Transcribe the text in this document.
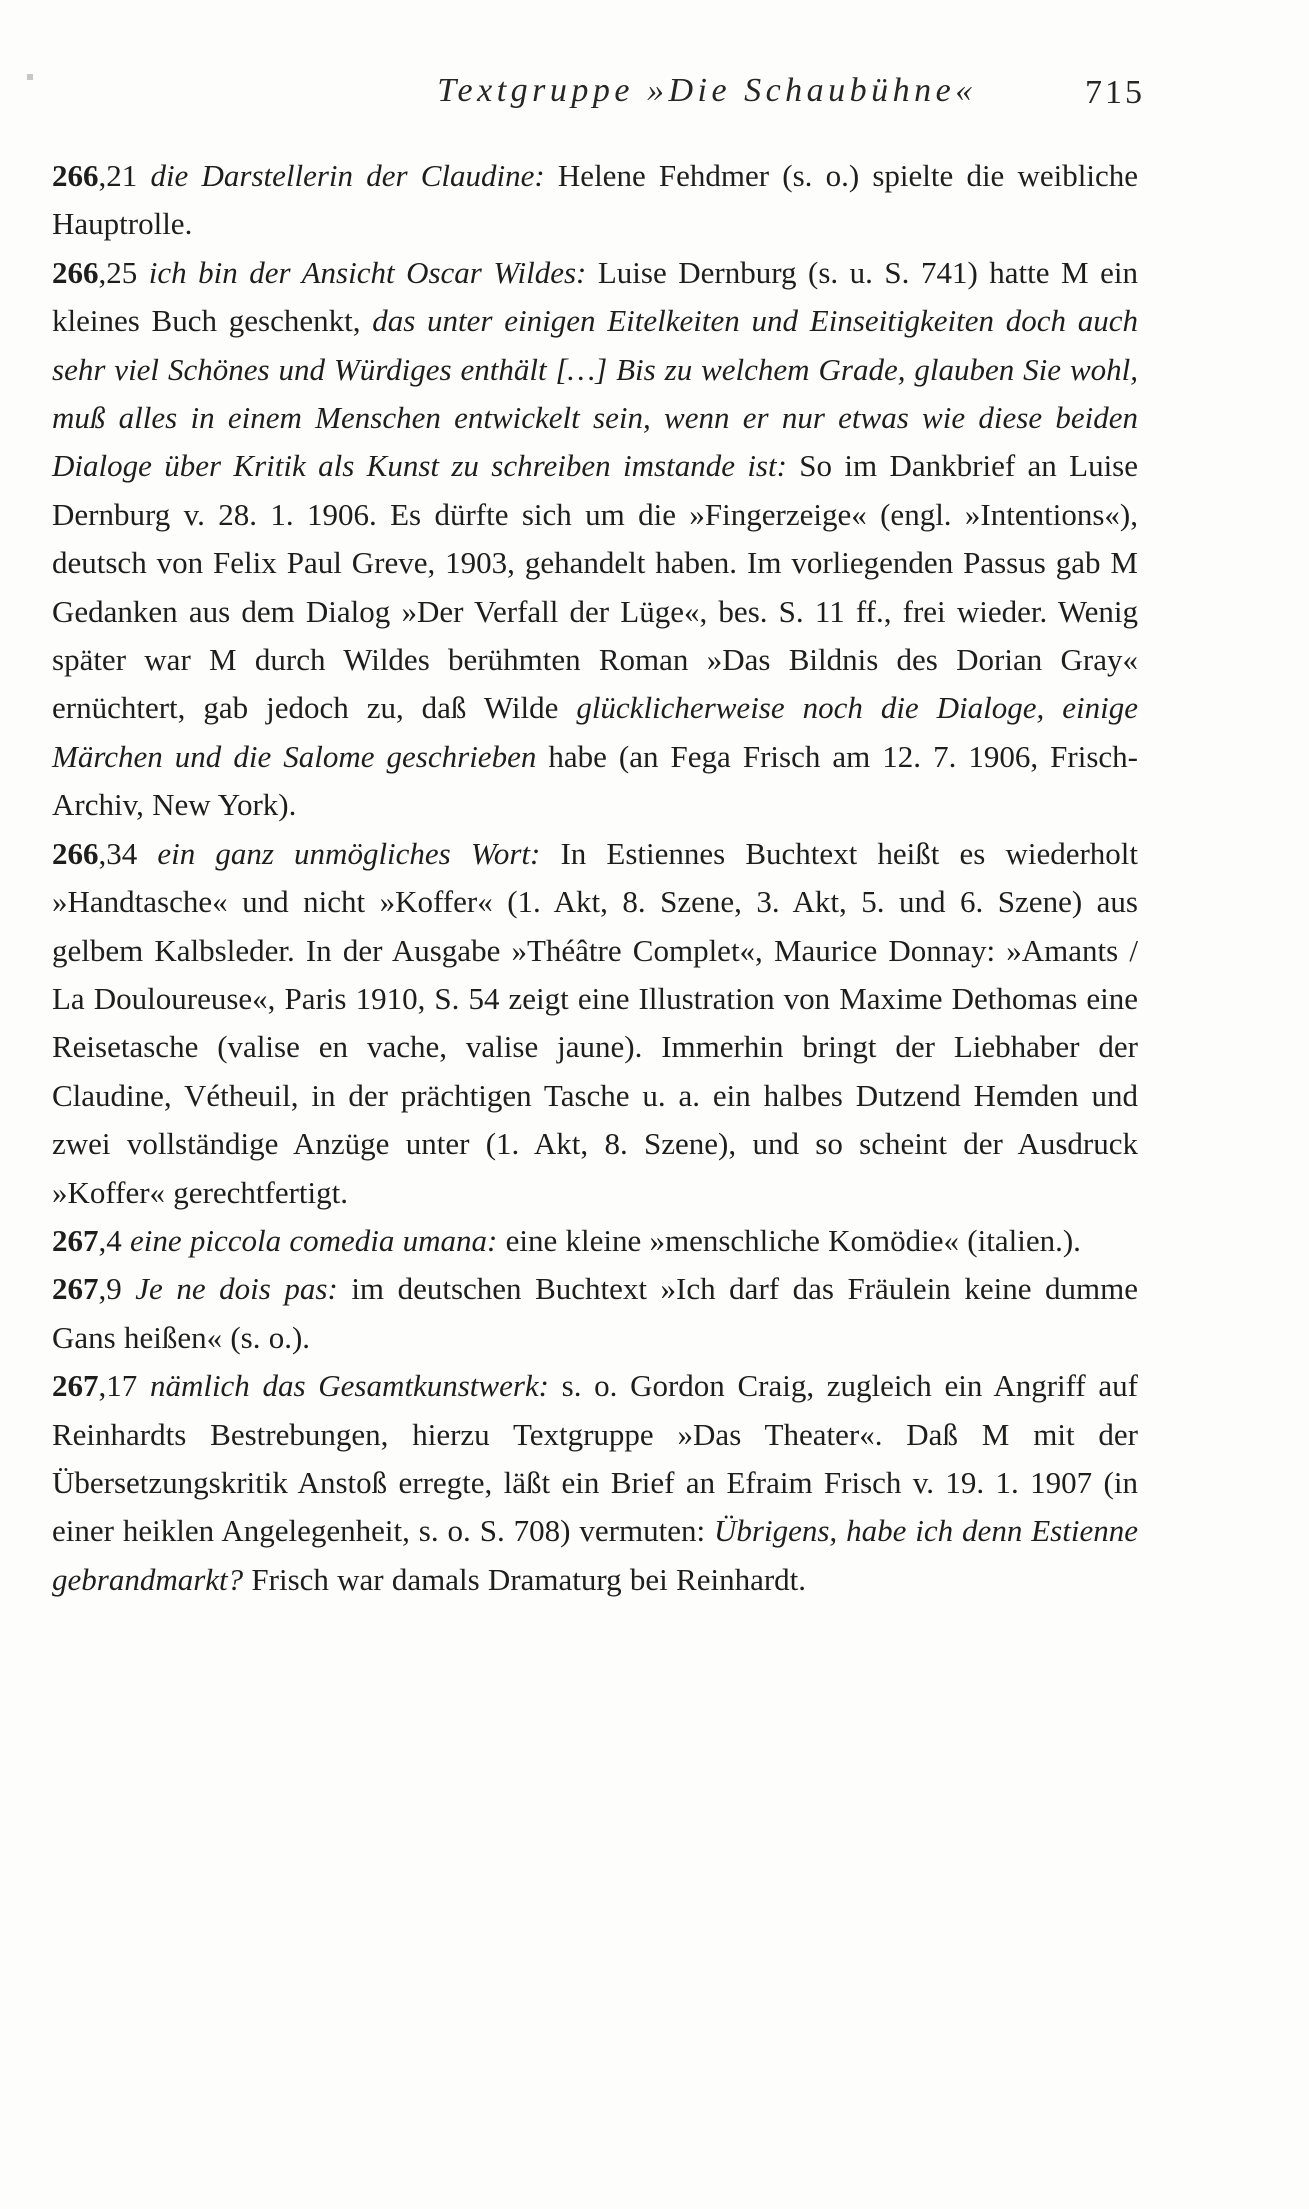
Textgruppe »Die Schaubühne«	715

266,21 die Darstellerin der Claudine: Helene Fehdmer (s. o.) spielte die weibliche Hauptrolle.

266,25 ich bin der Ansicht Oscar Wildes: Luise Dernburg (s. u. S. 741) hatte M ein kleines Buch geschenkt, das unter einigen Eitelkeiten und Einseitigkeiten doch auch sehr viel Schönes und Würdiges enthält […] Bis zu welchem Grade, glauben Sie wohl, muß alles in einem Menschen entwickelt sein, wenn er nur etwas wie diese beiden Dialoge über Kritik als Kunst zu schreiben imstande ist: So im Dankbrief an Luise Dernburg v. 28. 1. 1906. Es dürfte sich um die »Fingerzeige« (engl. »Intentions«), deutsch von Felix Paul Greve, 1903, gehandelt haben. Im vorliegenden Passus gab M Gedanken aus dem Dialog »Der Verfall der Lüge«, bes. S. 11 ff., frei wieder. Wenig später war M durch Wildes berühmten Roman »Das Bildnis des Dorian Gray« ernüchtert, gab jedoch zu, daß Wilde glücklicherweise noch die Dialoge, einige Märchen und die Salome geschrieben habe (an Fega Frisch am 12. 7. 1906, Frisch-Archiv, New York).

266,34 ein ganz unmögliches Wort: In Estiennes Buchtext heißt es wiederholt »Handtasche« und nicht »Koffer« (1. Akt, 8. Szene, 3. Akt, 5. und 6. Szene) aus gelbem Kalbsleder. In der Ausgabe »Théâtre Complet«, Maurice Donnay: »Amants / La Douloureuse«, Paris 1910, S. 54 zeigt eine Illustration von Maxime Dethomas eine Reisetasche (valise en vache, valise jaune). Immerhin bringt der Liebhaber der Claudine, Vétheuil, in der prächtigen Tasche u. a. ein halbes Dutzend Hemden und zwei vollständige Anzüge unter (1. Akt, 8. Szene), und so scheint der Ausdruck »Koffer« gerechtfertigt.

267,4 eine piccola comedia umana: eine kleine »menschliche Komödie« (italien.).

267,9 Je ne dois pas: im deutschen Buchtext »Ich darf das Fräulein keine dumme Gans heißen« (s. o.).

267,17 nämlich das Gesamtkunstwerk: s. o. Gordon Craig, zugleich ein Angriff auf Reinhardts Bestrebungen, hierzu Textgruppe »Das Theater«. Daß M mit der Übersetzungskritik Anstoß erregte, läßt ein Brief an Efraim Frisch v. 19. 1. 1907 (in einer heiklen Angelegenheit, s. o. S. 708) vermuten: Übrigens, habe ich denn Estienne gebrandmarkt? Frisch war damals Dramaturg bei Reinhardt.
